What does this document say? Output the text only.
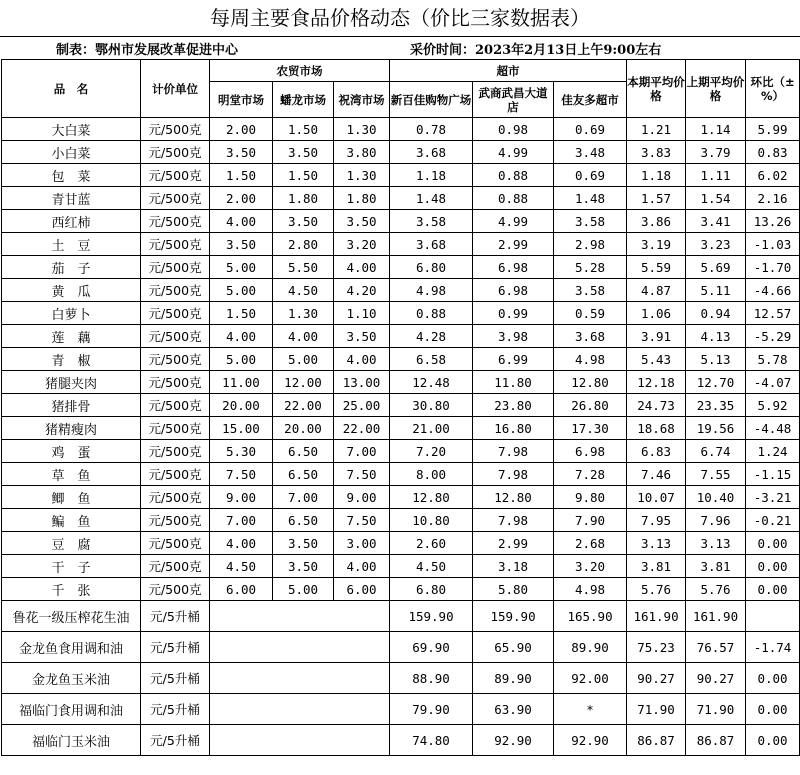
每周主要食品价格动态（价比三家数据表）
制表：鄂州市发展改革促进中心	采价时间：2023年2月13日上午9:00左右
品　名	计价单位	农贸市场			超市			本期平均价格	上期平均价格	环比（±%）
		明堂市场	蟠龙市场	祝湾市场	新百佳购物广场	武商武昌大道店	佳友多超市			
大白菜	元/500克	2.00	1.50	1.30	0.78	0.98	0.69	1.21	1.14	5.99
小白菜	元/500克	3.50	3.50	3.80	3.68	4.99	3.48	3.83	3.79	0.83
包　菜	元/500克	1.50	1.50	1.30	1.18	0.88	0.69	1.18	1.11	6.02
青甘蓝	元/500克	2.00	1.80	1.80	1.48	0.88	1.48	1.57	1.54	2.16
西红柿	元/500克	4.00	3.50	3.50	3.58	4.99	3.58	3.86	3.41	13.26
土　豆	元/500克	3.50	2.80	3.20	3.68	2.99	2.98	3.19	3.23	-1.03
茄　子	元/500克	5.00	5.50	4.00	6.80	6.98	5.28	5.59	5.69	-1.70
黄　瓜	元/500克	5.00	4.50	4.20	4.98	6.98	3.58	4.87	5.11	-4.66
白萝卜	元/500克	1.50	1.30	1.10	0.88	0.99	0.59	1.06	0.94	12.57
莲　藕	元/500克	4.00	4.00	3.50	4.28	3.98	3.68	3.91	4.13	-5.29
青　椒	元/500克	5.00	5.00	4.00	6.58	6.99	4.98	5.43	5.13	5.78
猪腿夹肉	元/500克	11.00	12.00	13.00	12.48	11.80	12.80	12.18	12.70	-4.07
猪排骨	元/500克	20.00	22.00	25.00	30.80	23.80	26.80	24.73	23.35	5.92
猪精瘦肉	元/500克	15.00	20.00	22.00	21.00	16.80	17.30	18.68	19.56	-4.48
鸡　蛋	元/500克	5.30	6.50	7.00	7.20	7.98	6.98	6.83	6.74	1.24
草　鱼	元/500克	7.50	6.50	7.50	8.00	7.98	7.28	7.46	7.55	-1.15
鲫　鱼	元/500克	9.00	7.00	9.00	12.80	12.80	9.80	10.07	10.40	-3.21
鳊　鱼	元/500克	7.00	6.50	7.50	10.80	7.98	7.90	7.95	7.96	-0.21
豆　腐	元/500克	4.00	3.50	3.00	2.60	2.99	2.68	3.13	3.13	0.00
干　子	元/500克	4.50	3.50	4.00	4.50	3.18	3.20	3.81	3.81	0.00
千　张	元/500克	6.00	5.00	6.00	6.80	5.80	4.98	5.76	5.76	0.00
鲁花一级压榨花生油	元/5升桶				159.90	159.90	165.90	161.90	161.90	
金龙鱼食用调和油	元/5升桶				69.90	65.90	89.90	75.23	76.57	-1.74
金龙鱼玉米油	元/5升桶				88.90	89.90	92.00	90.27	90.27	0.00
福临门食用调和油	元/5升桶				79.90	63.90	*	71.90	71.90	0.00
福临门玉米油	元/5升桶				74.80	92.90	92.90	86.87	86.87	0.00
